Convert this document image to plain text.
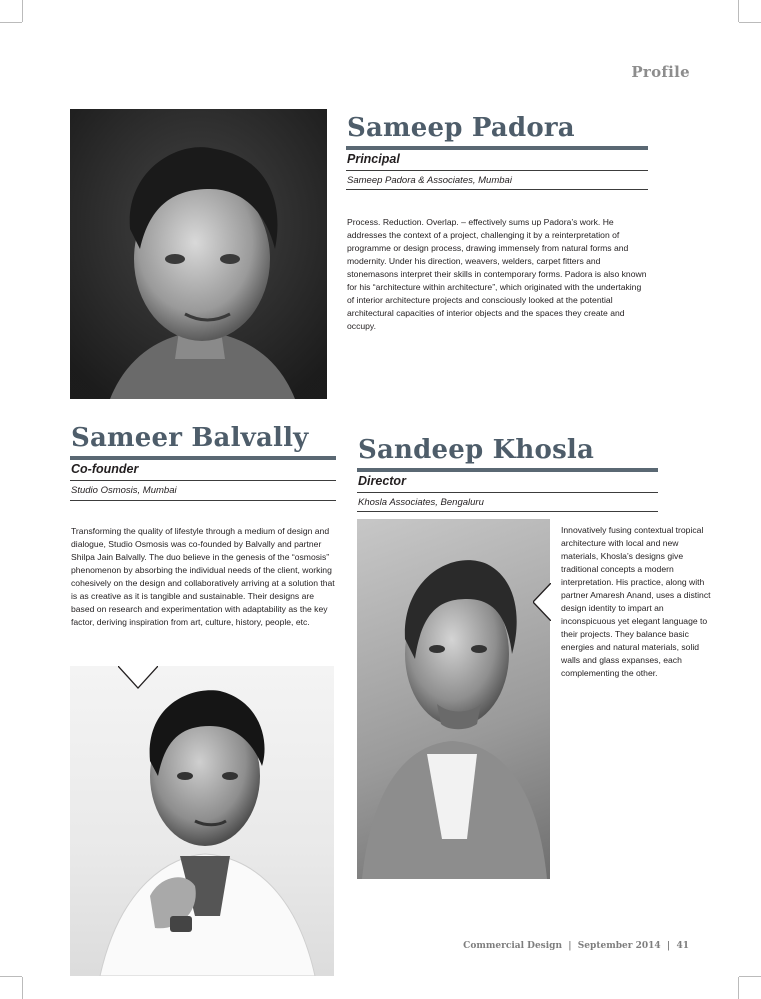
Profile
Sameep Padora
Principal
Sameep Padora & Associates, Mumbai
Process. Reduction. Overlap. – effectively sums up Padora’s work. He addresses the context of a project, challenging it by a reinterpretation of programme or design process, drawing immensely from natural forms and modernity. Under his direction, weavers, welders, carpet fitters and stonemasons interpret their skills in contemporary forms. Padora is also known for his “architecture within architecture”, which originated with the undertaking of interior architecture projects and consciously looked at the potential architectural capacities of interior objects and the spaces they create and occupy.
Sameer Balvally
Co-founder
Studio Osmosis, Mumbai
Transforming the quality of lifestyle through a medium of design and dialogue, Studio Osmosis was co-founded by Balvally and partner Shilpa Jain Balvally. The duo believe in the genesis of the “osmosis” phenomenon by absorbing the individual needs of the client, working cohesively on the design and collaboratively arriving at a solution that is as creative as it is tangible and sustainable. Their designs are based on research and experimentation with adaptability as the key factor, deriving inspiration from art, culture, history, people, etc.
Sandeep Khosla
Director
Khosla Associates, Bengaluru
Innovatively fusing contextual tropical architecture with local and new materials, Khosla’s designs give traditional concepts a modern interpretation. His practice, along with partner Amaresh Anand, uses a distinct design identity to impart an inconspicuous yet elegant language to their projects. They balance basic energies and natural materials, solid walls and glass expanses, each complementing the other.
Commercial Design  |  September 2014  |  41
